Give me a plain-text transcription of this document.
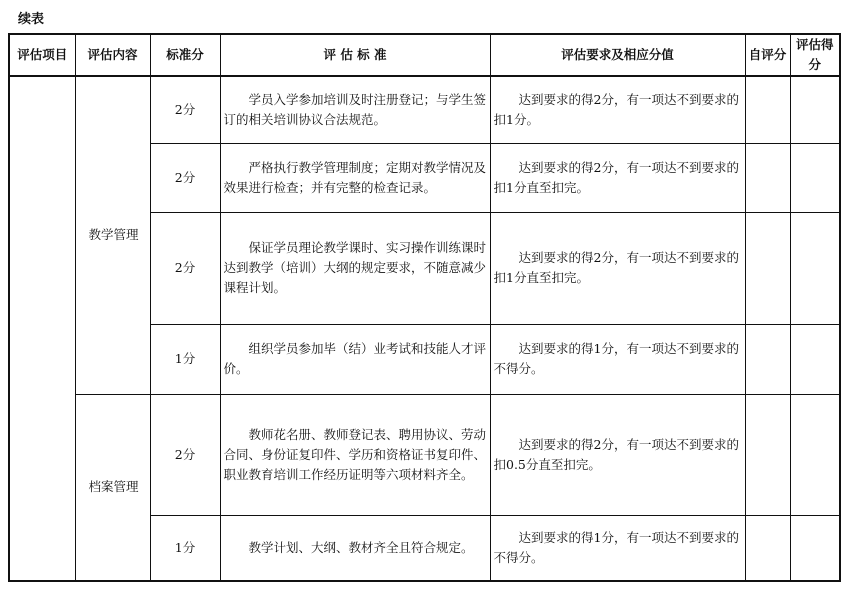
续表
评估项目	评估内容	标准分	评 估 标 准	评估要求及相应分值	自评分	评估得分
	教学管理	2分	学员入学参加培训及时注册登记；与学生签订的相关培训协议合法规范。	达到要求的得2分，有一项达不到要求的扣1分。		

		2分	严格执行教学管理制度；定期对教学情况及效果进行检查；并有完整的检查记录。	达到要求的得2分，有一项达不到要求的扣1分直至扣完。		

		2分	保证学员理论教学课时、实习操作训练课时达到教学（培训）大纲的规定要求，不随意减少课程计划。	达到要求的得2分，有一项达不到要求的扣1分直至扣完。		

		1分	组织学员参加毕（结）业考试和技能人才评价。	达到要求的得1分，有一项达不到要求的不得分。		

	档案管理	2分	教师花名册、教师登记表、聘用协议、劳动合同、身份证复印件、学历和资格证书复印件、职业教育培训工作经历证明等六项材料齐全。	达到要求的得2分，有一项达不到要求的扣0.5分直至扣完。		

		1分	教学计划、大纲、教材齐全且符合规定。	达到要求的得1分，有一项达不到要求的不得分。		
